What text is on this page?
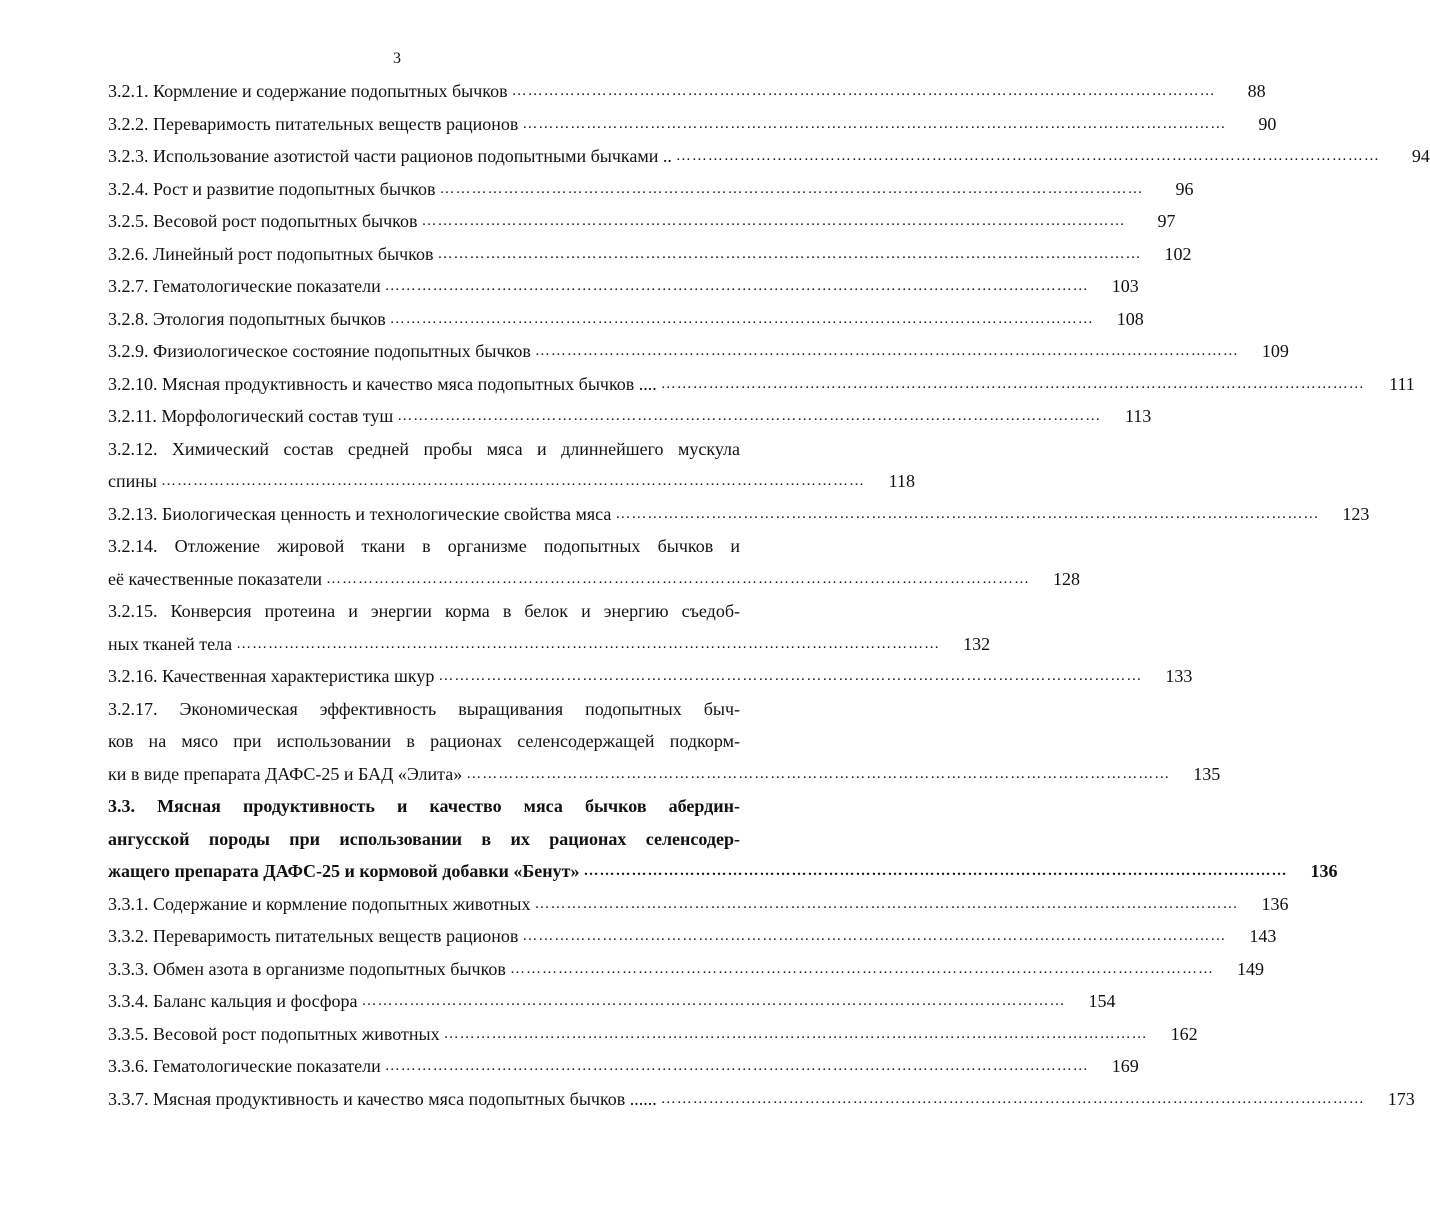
3
3.2.1. Кормление и содержание подопытных бычков ……………………………………………………………………………………………………………………	88
3.2.2. Переваримость питательных веществ рационов ……………………………………………………………………………………………………………………	90
3.2.3. Использование азотистой части рационов подопытными бычками .. ……………………………………………………………………………………………………………………	94
3.2.4. Рост и развитие подопытных бычков ……………………………………………………………………………………………………………………	96
3.2.5. Весовой рост подопытных бычков ……………………………………………………………………………………………………………………	97
3.2.6. Линейный рост подопытных бычков ……………………………………………………………………………………………………………………	102
3.2.7. Гематологические показатели ……………………………………………………………………………………………………………………	103
3.2.8. Этология подопытных бычков ……………………………………………………………………………………………………………………	108
3.2.9. Физиологическое состояние подопытных бычков ……………………………………………………………………………………………………………………	109
3.2.10. Мясная продуктивность и качество мяса подопытных бычков .... ……………………………………………………………………………………………………………………	111
3.2.11. Морфологический состав туш ……………………………………………………………………………………………………………………	113
3.2.12. Химический состав средней пробы мяса и длиннейшего мускула
спины ……………………………………………………………………………………………………………………	118
3.2.13. Биологическая ценность и технологические свойства мяса ……………………………………………………………………………………………………………………	123
3.2.14. Отложение жировой ткани в организме подопытных бычков и
её качественные показатели ……………………………………………………………………………………………………………………	128
3.2.15. Конверсия протеина и энергии корма в белок и энергию съедоб-
ных тканей тела ……………………………………………………………………………………………………………………	132
3.2.16. Качественная характеристика шкур ……………………………………………………………………………………………………………………	133
3.2.17. Экономическая эффективность выращивания подопытных быч-
ков на мясо при использовании в рационах селенсодержащей подкорм-
ки в виде препарата ДАФС-25 и БАД «Элита» ……………………………………………………………………………………………………………………	135
3.3. Мясная продуктивность и качество мяса бычков абердин-
ангусской породы при использовании в их рационах селенсодер-
жащего препарата ДАФС-25 и кормовой добавки «Бенут» ……………………………………………………………………………………………………………………	136
3.3.1. Содержание и кормление подопытных животных ……………………………………………………………………………………………………………………	136
3.3.2. Переваримость питательных веществ рационов ……………………………………………………………………………………………………………………	143
3.3.3. Обмен азота в организме подопытных бычков ……………………………………………………………………………………………………………………	149
3.3.4. Баланс кальция и фосфора ……………………………………………………………………………………………………………………	154
3.3.5. Весовой рост подопытных животных ……………………………………………………………………………………………………………………	162
3.3.6. Гематологические показатели ……………………………………………………………………………………………………………………	169
3.3.7. Мясная продуктивность и качество мяса подопытных бычков ...... ……………………………………………………………………………………………………………………	173
